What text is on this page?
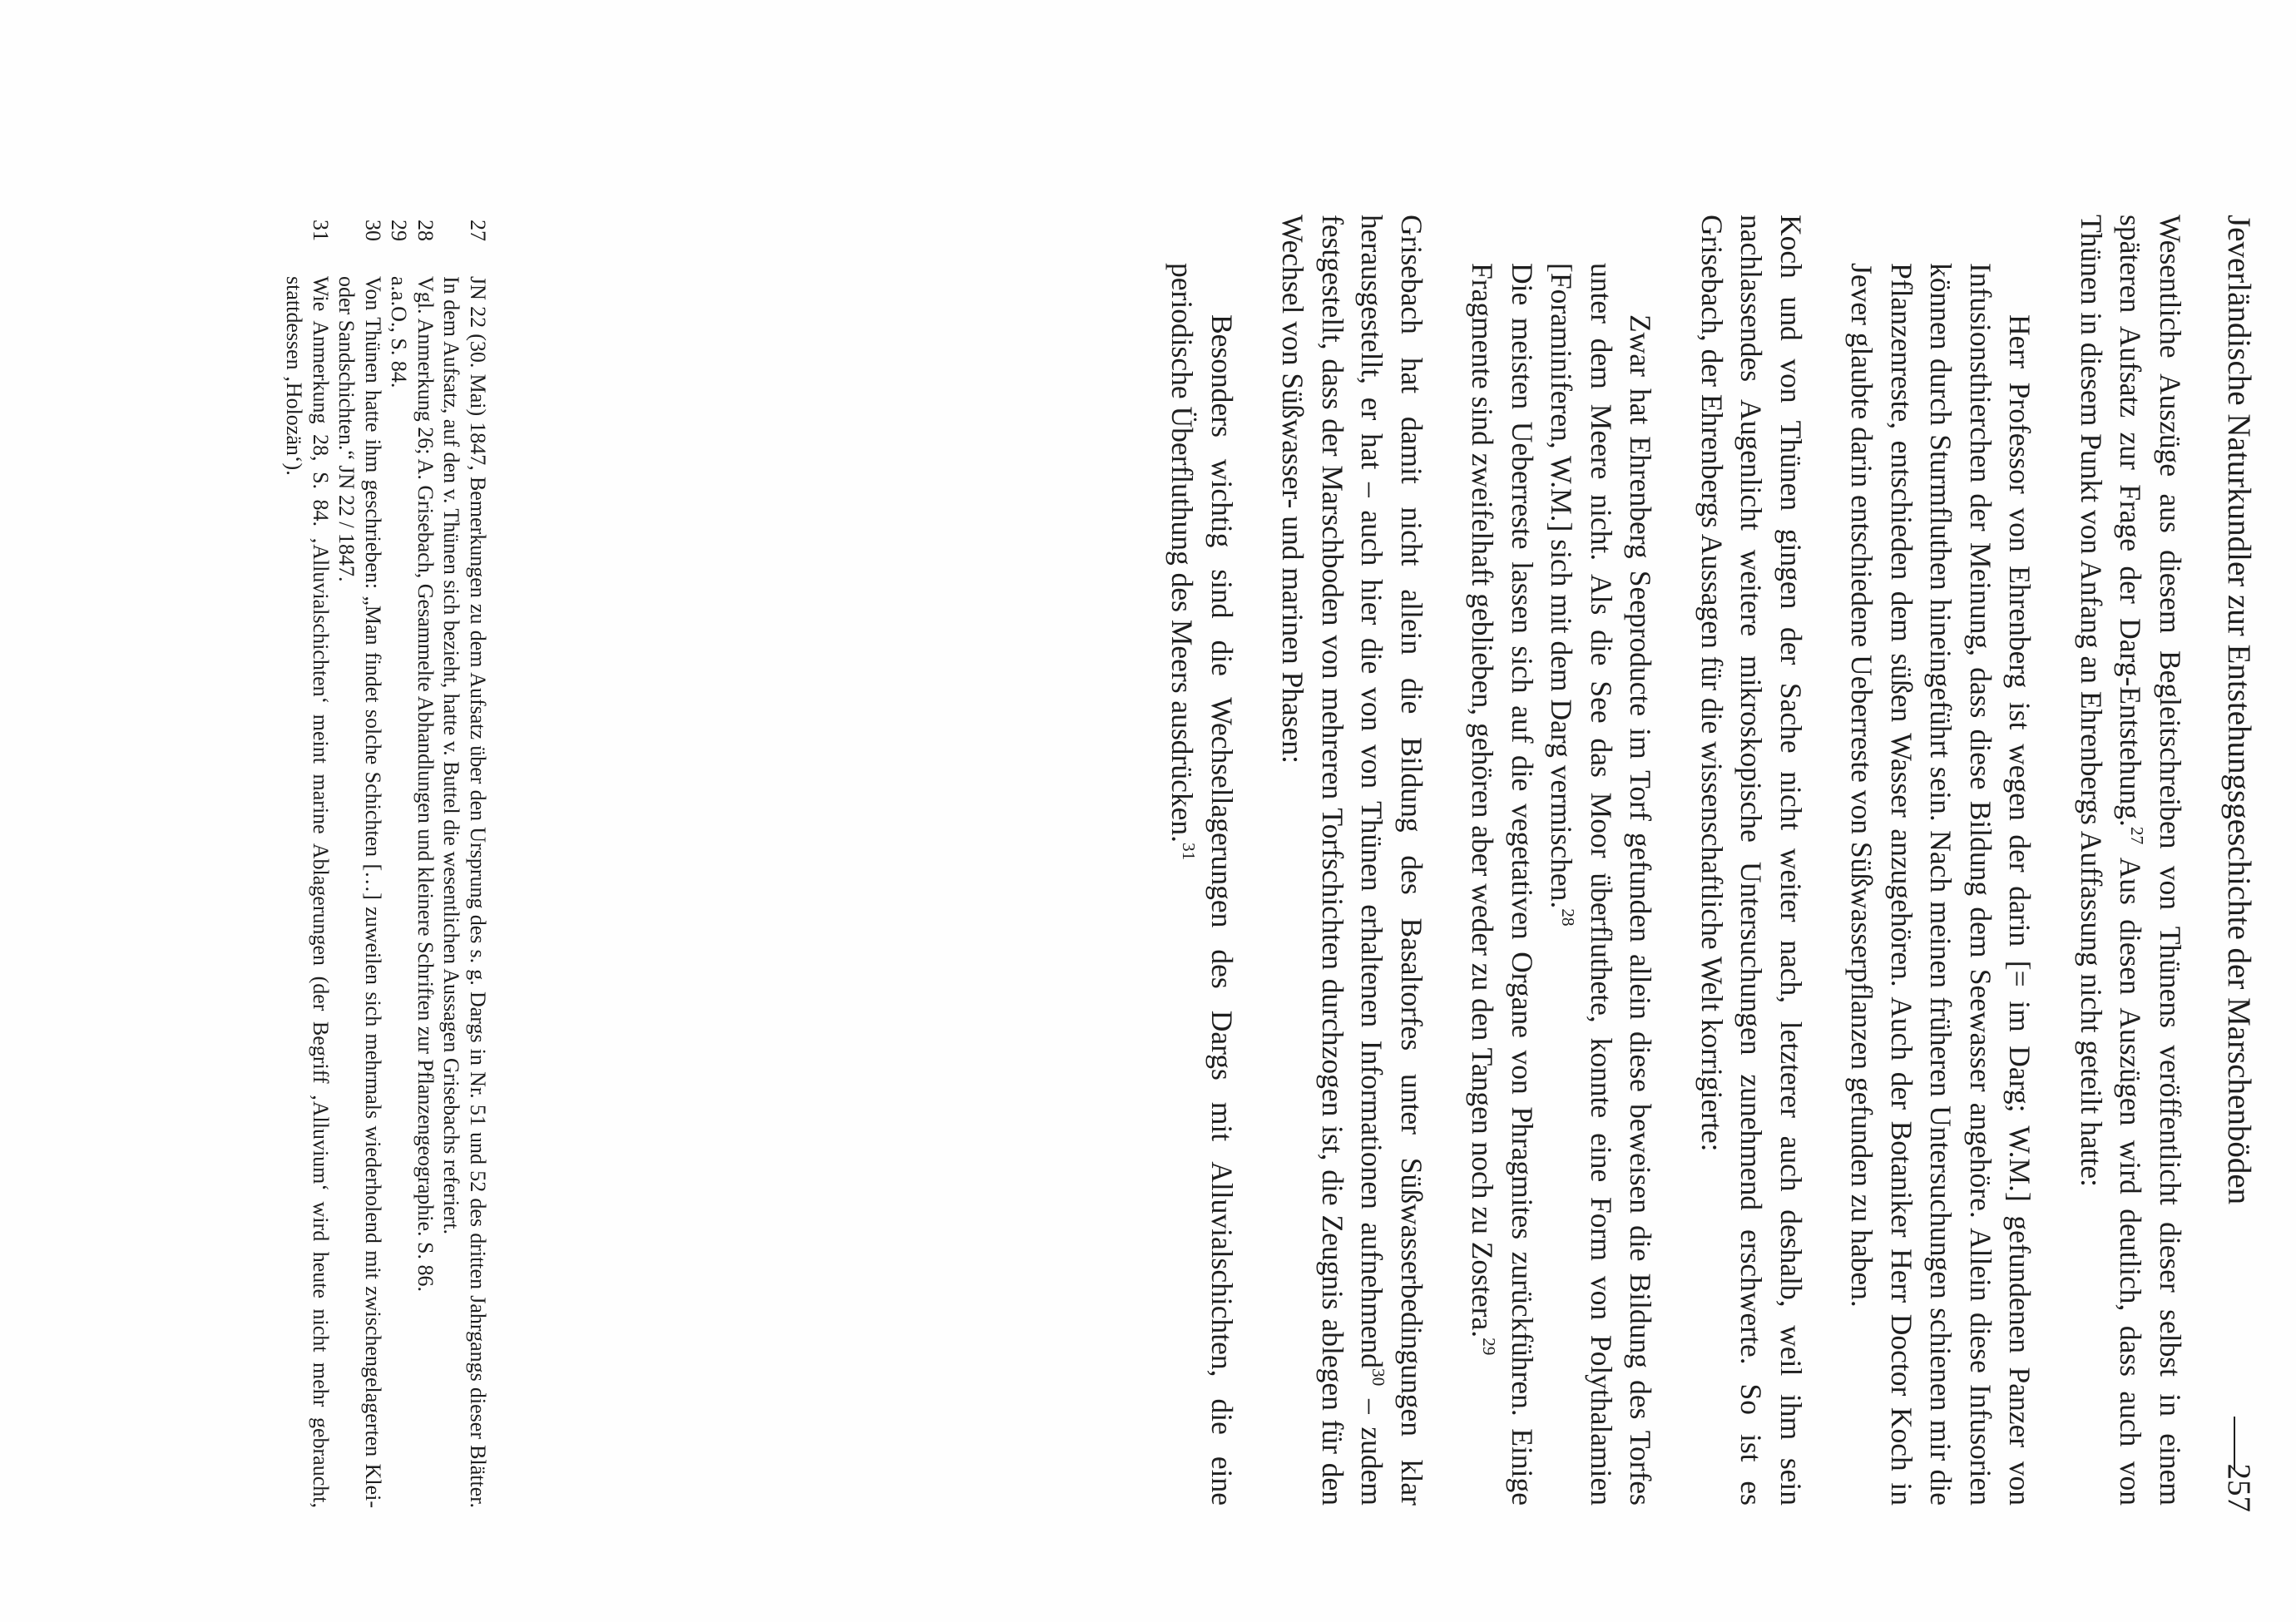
Jeverländische Naturkundler zur Entstehungsgeschichte der Marschenböden
257

Wesentliche Auszüge aus diesem Begleitschreiben von Thünens veröffentlicht dieser selbst in einem späteren Aufsatz zur Frage der Darg-Entstehung.$^{27}$ Aus diesen Auszügen wird deutlich, dass auch von Thünen in diesem Punkt von Anfang an Ehrenbergs Auffassung nicht geteilt hatte:

Herr Professor von Ehrenberg ist wegen der darin [= im Darg; W.M.] gefundenen Panzer von Infusionsthierchen der Meinung, dass diese Bildung dem Seewasser angehöre. Allein diese Infusorien können durch Sturmfluthen hineingeführt sein. Nach meinen früheren Untersuchungen schienen mir die Pflanzenreste, entschieden dem süßen Wasser anzugehören. Auch der Botaniker Herr Doctor Koch in Jever glaubte darin entschiedene Ueberreste von Süßwasserpflanzen gefunden zu haben.

Koch und von Thünen gingen der Sache nicht weiter nach, letzterer auch deshalb, weil ihm sein nachlassendes Augenlicht weitere mikroskopische Untersuchungen zunehmend erschwerte. So ist es Grisebach, der Ehrenbergs Aussagen für die wissenschaftliche Welt korrigierte:

Zwar hat Ehrenberg Seeproducte im Torf gefunden allein diese beweisen die Bildung des Torfes unter dem Meere nicht. Als die See das Moor überfluthete, konnte eine Form von Polythalamien [Foraminiferen, W.M.] sich mit dem Darg vermischen.$^{28}$

Die meisten Ueberreste lassen sich auf die vegetativen Organe von Phragmites zurückführen. Einige Fragmente sind zweifelhaft geblieben, gehören aber weder zu den Tangen noch zu Zostera.$^{29}$

Grisebach hat damit nicht allein die Bildung des Basaltorfes unter Süßwasserbedingungen klar herausgestellt, er hat – auch hier die von von Thünen erhaltenen Informationen aufnehmend$^{30}$ – zudem festgestellt, dass der Marschboden von mehreren Torfschichten durchzogen ist, die Zeugnis ablegen für den Wechsel von Süßwasser- und marinen Phasen:

Besonders wichtig sind die Wechsellagerungen des Dargs mit Alluvialschichten, die eine periodische Überfluthung des Meers ausdrücken.$^{31}$

27
JN 22 (30. Mai) 1847, Bemerkungen zu dem Aufsatz über den Ursprung des s. g. Dargs in Nr. 51 und 52 des dritten Jahrgangs dieser Blätter. In dem Aufsatz, auf den v. Thünen sich bezieht, hatte v. Buttel die wesentlichen Aussagen Grisebachs referiert.
28
Vgl. Anmerkung 26; A. Grisebach, Gesammelte Abhandlungen und kleinere Schriften zur Pflanzengeographie. S. 86.
29
a.a.O., S. 84.
30
Von Thünen hatte ihm geschrieben: „Man findet solche Schichten […] zuweilen sich mehrmals wiederholend mit zwischengelagerten Klei- oder Sandschichten.“ JN 22 / 1847.
31
Wie Anmerkung 28, S. 84. ‚Alluvialschichten‘ meint marine Ablagerungen (der Begriff ‚Alluvium‘ wird heute nicht mehr gebraucht, stattdessen ‚Holozän‘).
